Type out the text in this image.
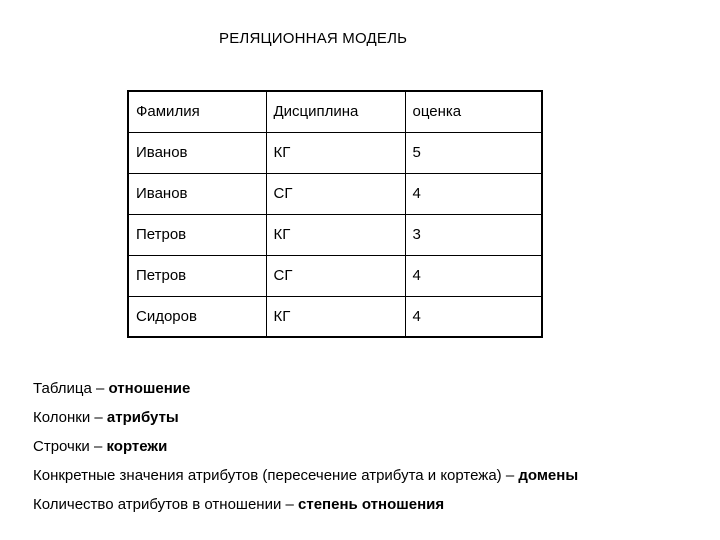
РЕЛЯЦИОННАЯ МОДЕЛЬ
Фамилия	Дисциплина	оценка
Иванов	КГ	5
Иванов	СГ	4
Петров	КГ	3
Петров	СГ	4
Сидоров	КГ	4
Таблица – отношение
Колонки – атрибуты
Строчки – кортежи
Конкретные значения атрибутов (пересечение атрибута и кортежа) – домены
Количество атрибутов в отношении – степень отношения
